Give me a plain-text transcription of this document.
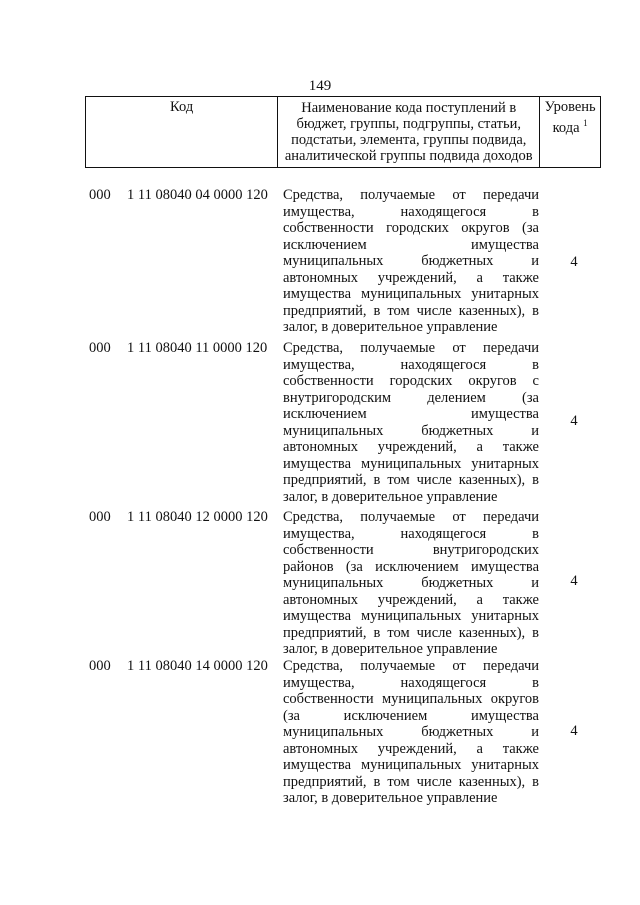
149
Код	Наименование кода поступлений в
бюджет, группы, подгруппы, статьи,
подстатьи, элемента, группы подвида,
аналитической группы подвида доходов
Уровень
кода $^1$
000 1 11 08040 04 0000 120 Средства, получаемые от передачи
имущества, находящегося в
собственности городских округов (за
исключением имущества
муниципальных бюджетных и
автономных учреждений, а также
имущества муниципальных унитарных
предприятий, в том числе казенных), в
залог, в доверительное управление
4
000 1 11 08040 11 0000 120 Средства, получаемые от передачи
имущества, находящегося в
собственности городских округов с
внутригородским делением (за
исключением имущества
муниципальных бюджетных и
автономных учреждений, а также
имущества муниципальных унитарных
предприятий, в том числе казенных), в
залог, в доверительное управление
4
000 1 11 08040 12 0000 120 Средства, получаемые от передачи
имущества, находящегося в
собственности внутригородских
районов (за исключением имущества
муниципальных бюджетных и
автономных учреждений, а также
имущества муниципальных унитарных
предприятий, в том числе казенных), в
залог, в доверительное управление
4
000 1 11 08040 14 0000 120 Средства, получаемые от передачи
имущества, находящегося в
собственности муниципальных округов
(за исключением имущества
муниципальных бюджетных и
автономных учреждений, а также
имущества муниципальных унитарных
предприятий, в том числе казенных), в
залог, в доверительное управление
4
